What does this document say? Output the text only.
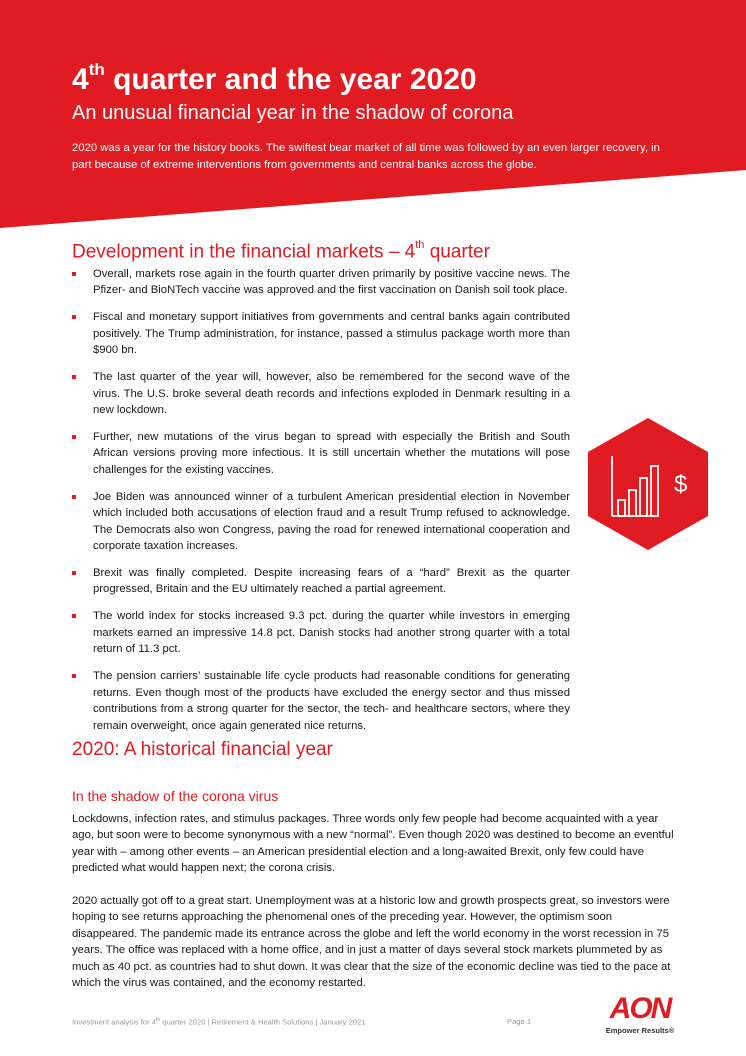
4th quarter and the year 2020

An unusual financial year in the shadow of corona

2020 was a year for the history books. The swiftest bear market of all time was followed by an even larger recovery, in part because of extreme interventions from governments and central banks across the globe.

Development in the financial markets – 4th quarter
Overall, markets rose again in the fourth quarter driven primarily by positive vaccine news. The Pfizer- and BioNTech vaccine was approved and the first vaccination on Danish soil took place.
Fiscal and monetary support initiatives from governments and central banks again contributed positively. The Trump administration, for instance, passed a stimulus package worth more than $900 bn.
The last quarter of the year will, however, also be remembered for the second wave of the virus. The U.S. broke several death records and infections exploded in Denmark resulting in a new lockdown.
Further, new mutations of the virus began to spread with especially the British and South African versions proving more infectious. It is still uncertain whether the mutations will pose challenges for the existing vaccines.
Joe Biden was announced winner of a turbulent American presidential election in November which included both accusations of election fraud and a result Trump refused to acknowledge. The Democrats also won Congress, paving the road for renewed international cooperation and corporate taxation increases.
Brexit was finally completed. Despite increasing fears of a “hard” Brexit as the quarter progressed, Britain and the EU ultimately reached a partial agreement.
The world index for stocks increased 9.3 pct. during the quarter while investors in emerging markets earned an impressive 14.8 pct. Danish stocks had another strong quarter with a total return of 11.3 pct.
The pension carriers’ sustainable life cycle products had reasonable conditions for generating returns. Even though most of the products have excluded the energy sector and thus missed contributions from a strong quarter for the sector, the tech- and healthcare sectors, where they remain overweight, once again generated nice returns.
$
2020: A historical financial year
In the shadow of the corona virus

Lockdowns, infection rates, and stimulus packages. Three words only few people had become acquainted with a year ago, but soon were to become synonymous with a new “normal”. Even though 2020 was destined to become an eventful year with – among other events – an American presidential election and a long-awaited Brexit, only few could have predicted what would happen next; the corona crisis.

2020 actually got off to a great start. Unemployment was at a historic low and growth prospects great, so investors were hoping to see returns approaching the phenomenal ones of the preceding year. However, the optimism soon disappeared. The pandemic made its entrance across the globe and left the world economy in the worst recession in 75 years. The office was replaced with a home office, and in just a matter of days several stock markets plummeted by as much as 40 pct. as countries had to shut down. It was clear that the size of the economic decline was tied to the pace at which the virus was contained, and the economy restarted.

Investment analysis for 4th quarter 2020 | Retirement & Health Solutions | January 2021	Page 1	AON
Empower Results®
